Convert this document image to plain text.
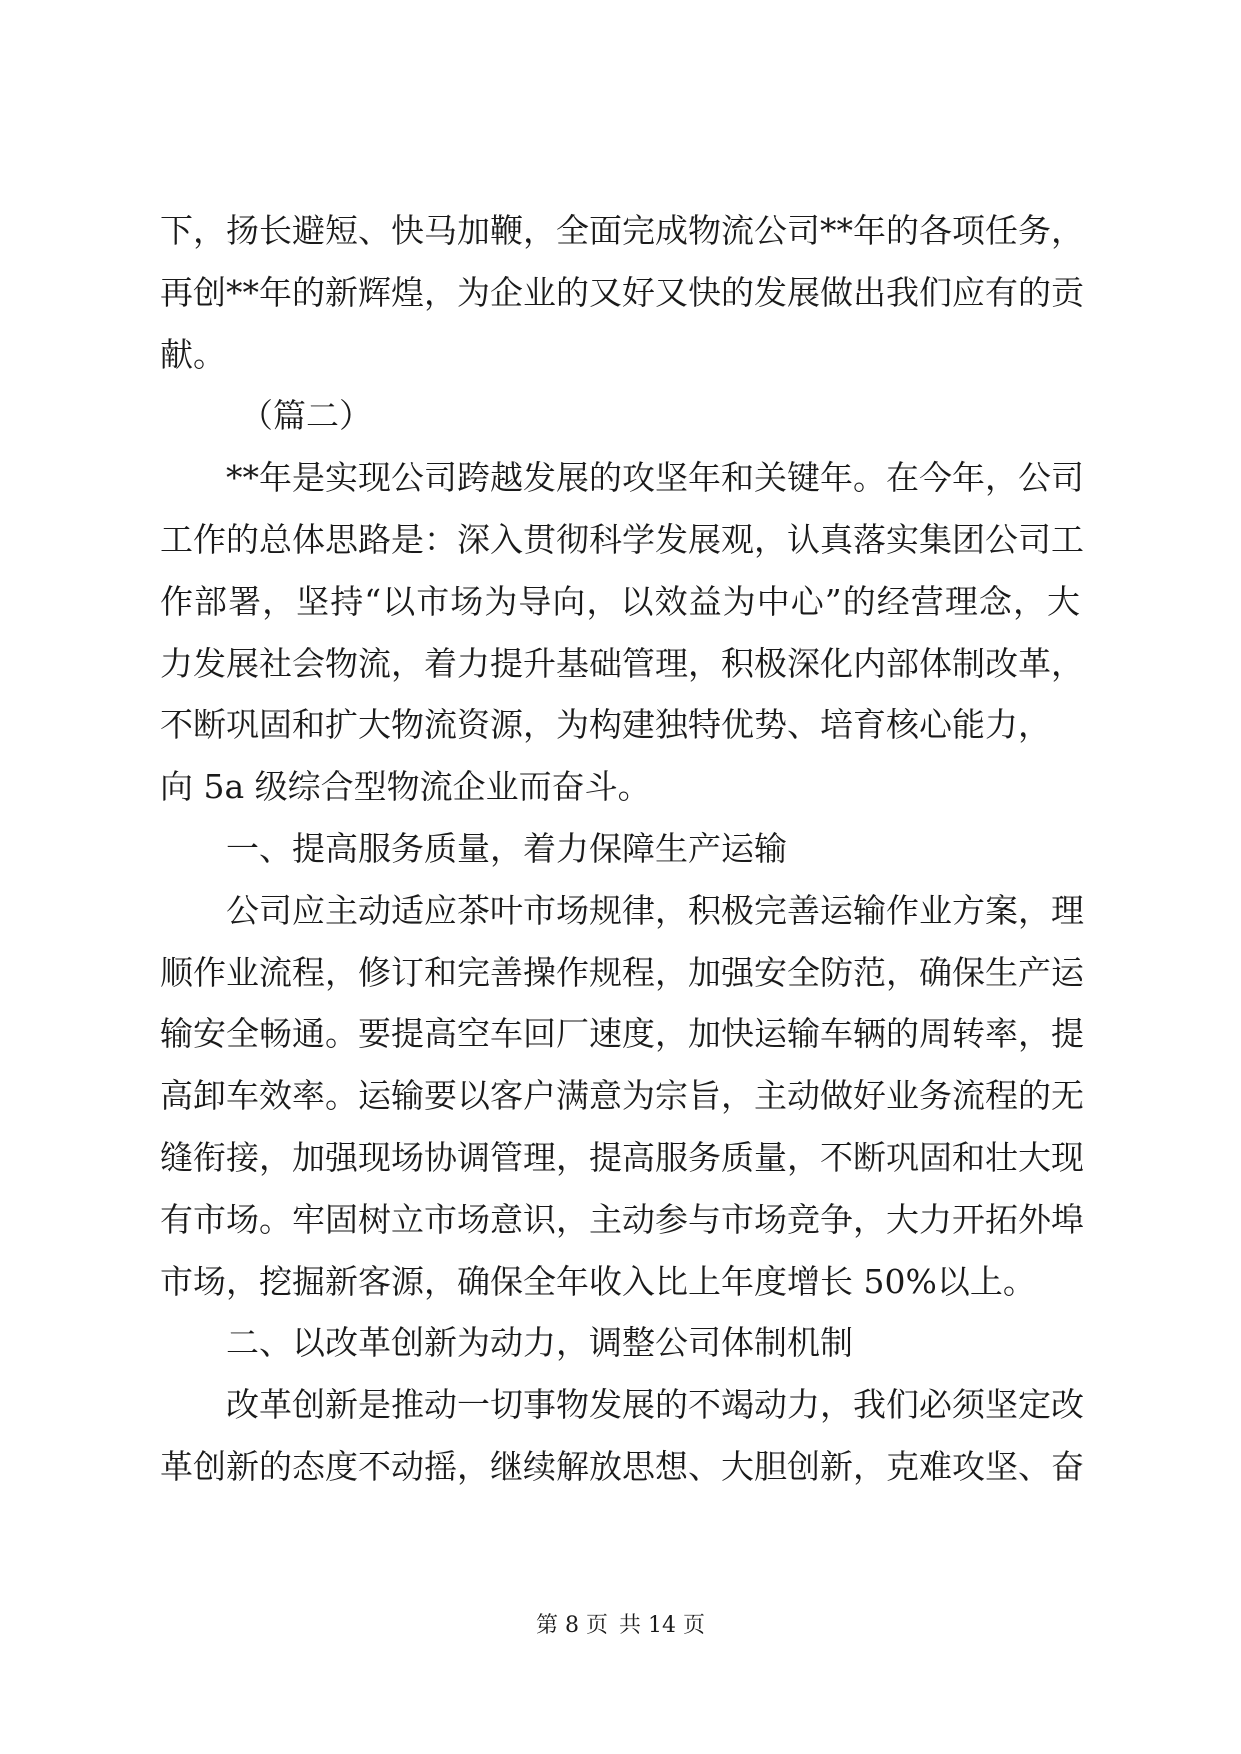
下，扬长避短、快马加鞭，全面完成物流公司**年的各项任务，
再创**年的新辉煌，为企业的又好又快的发展做出我们应有的贡
献。
（篇二）
**年是实现公司跨越发展的攻坚年和关键年。在今年，公司
工作的总体思路是：深入贯彻科学发展观，认真落实集团公司工
作部署，坚持“以市场为导向，以效益为中心”的经营理念，大
力发展社会物流，着力提升基础管理，积极深化内部体制改革，
不断巩固和扩大物流资源，为构建独特优势、培育核心能力，
向 5a 级综合型物流企业而奋斗。
一、提高服务质量，着力保障生产运输
公司应主动适应茶叶市场规律，积极完善运输作业方案，理
顺作业流程，修订和完善操作规程，加强安全防范，确保生产运
输安全畅通。要提高空车回厂速度，加快运输车辆的周转率，提
高卸车效率。运输要以客户满意为宗旨，主动做好业务流程的无
缝衔接，加强现场协调管理，提高服务质量，不断巩固和壮大现
有市场。牢固树立市场意识，主动参与市场竞争，大力开拓外埠
市场，挖掘新客源，确保全年收入比上年度增长 50%以上。
二、以改革创新为动力，调整公司体制机制
改革创新是推动一切事物发展的不竭动力，我们必须坚定改
革创新的态度不动摇，继续解放思想、大胆创新，克难攻坚、奋
第 8 页 共 14 页
